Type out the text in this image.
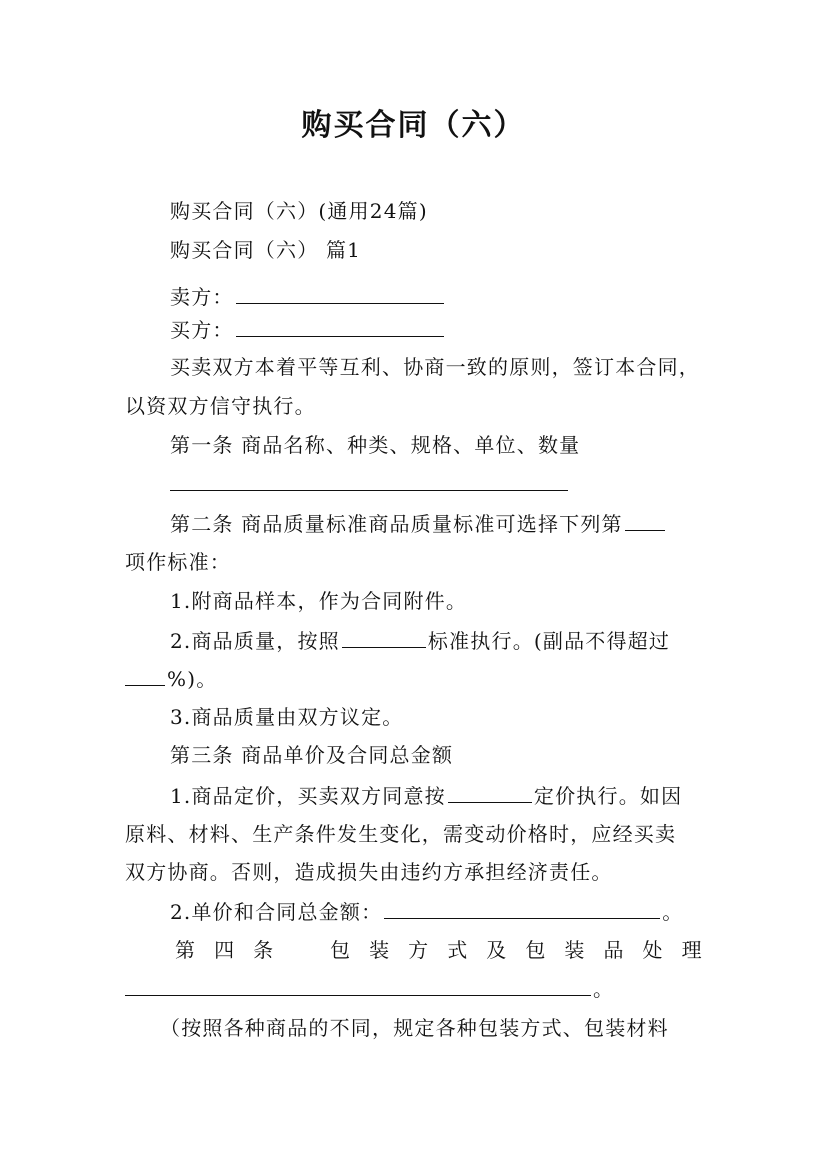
购买合同（六）
购买合同（六）(通用24篇)
购买合同（六） 篇1
卖方：
买方：
买卖双方本着平等互利、协商一致的原则，签订本合同，
以资双方信守执行。
第一条 商品名称、种类、规格、单位、数量
第二条 商品质量标准商品质量标准可选择下列第
项作标准：
1.附商品样本，作为合同附件。
2.商品质量，按照	标准执行。(副品不得超过
%)。
3.商品质量由双方议定。
第三条 商品单价及合同总金额
1.商品定价，买卖双方同意按	定价执行。如因
原料、材料、生产条件发生变化，需变动价格时，应经买卖
双方协商。否则，造成损失由违约方承担经济责任。
2.单价和合同总金额：	。
第 四 条	包 装 方 式 及 包 装 品 处 理
。
（按照各种商品的不同，规定各种包装方式、包装材料
